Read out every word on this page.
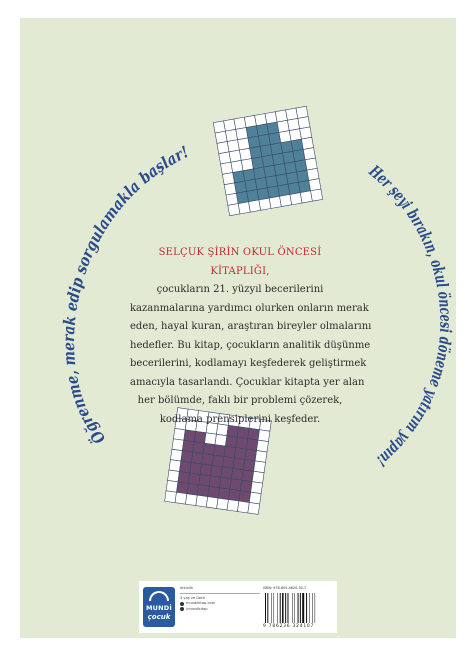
Öğrenme, merak edip sorgulamakla başlar!
Her şeyi bırakın, okul öncesi döneme yatırım yapın!
SELÇUK ŞİRİN OKUL ÖNCESİ KİTAPLIĞI,
çocukların 21. yüzyıl becerilerini
kazanmalarına yardımcı olurken onların merak
eden, hayal kuran, araştıran bireyler olmalarını
hedefler. Bu kitap, çocukların analitik düşünme
becerilerini, kodlamayı keşfederek geliştirmek
amacıyla tasarlandı. Çocuklar kitapta yer alan
her bölümde, faklı bir problemi çözerek,
kodlama prensiplerini keşfeder.
MUNDİ
çocuk
etkinlik
3 yaş ve üzeri
mundikitap.com
/mundikitap
ISBN: 978-605-4620-30-7
9 786236 324107
